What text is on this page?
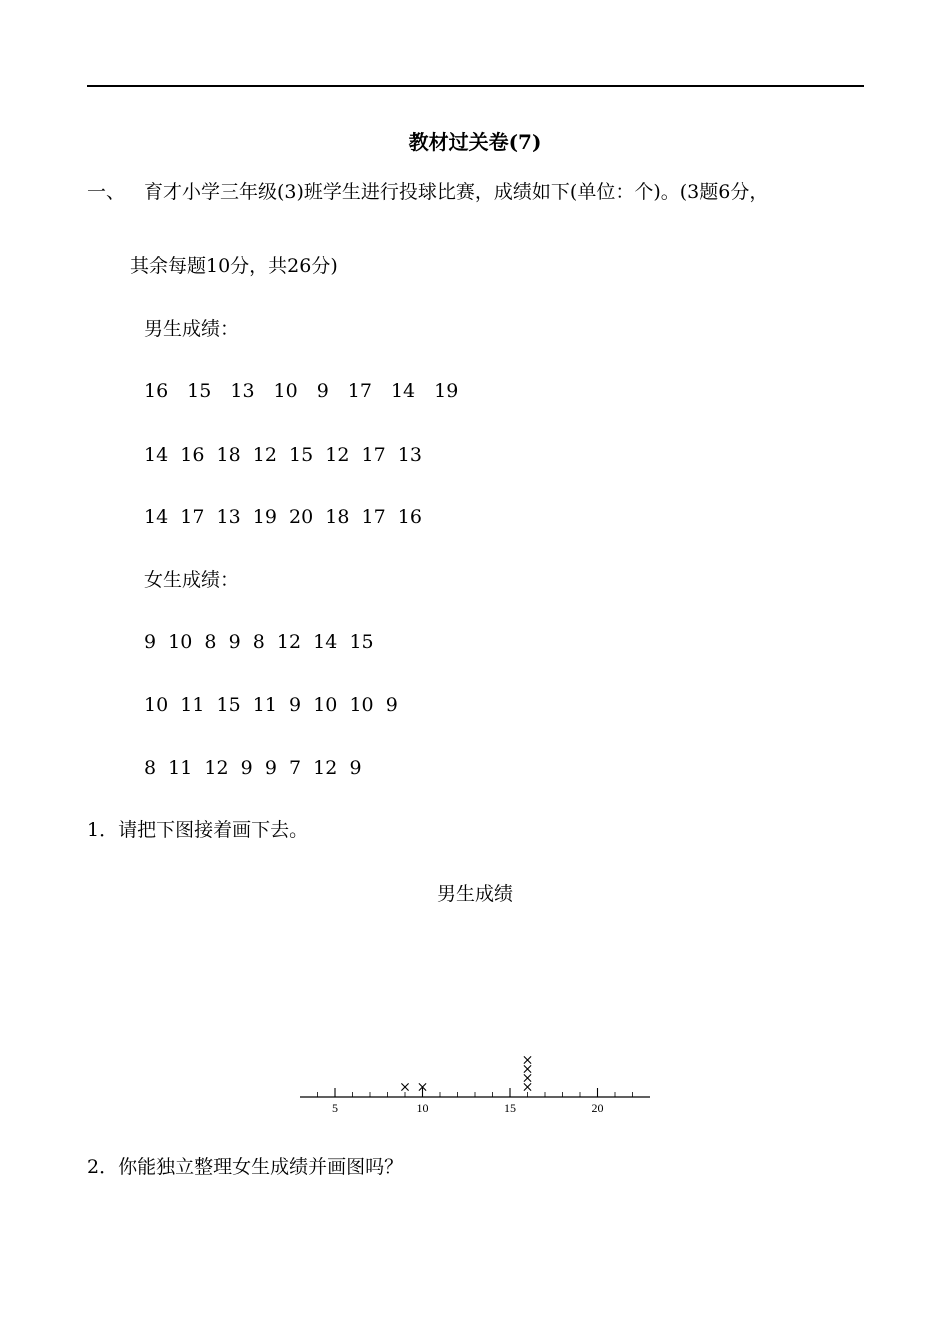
教材过关卷(7)
一、 育才小学三年级(3)班学生进行投球比赛，成绩如下(单位：个)。(3题6分，
其余每题10分，共26分)
男生成绩：
16　15　13　10　9　17　14　19
14  16  18  12  15  12  17  13
14  17  13  19  20  18  17  16
女生成绩：
9  10  8  9  8  12  14  15
10  11  15  11  9  10  10  9
8  11  12  9  9  7  12  9
1．请把下图接着画下去。
男生成绩
5	10	15	20
2．你能独立整理女生成绩并画图吗？
